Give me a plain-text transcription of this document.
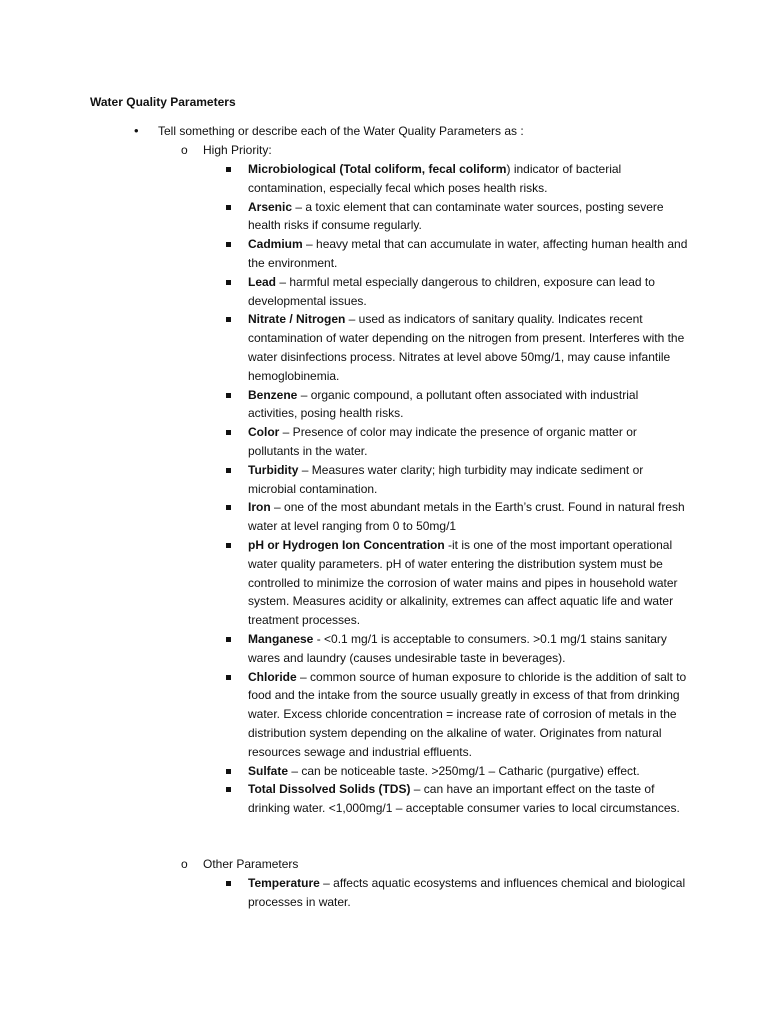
Water Quality Parameters
• Tell something or describe each of the Water Quality Parameters as :
o High Priority:
Microbiological (Total coliform, fecal coliform) indicator of bacterial contamination, especially fecal which poses health risks.
Arsenic – a toxic element that can contaminate water sources, posting severe health risks if consume regularly.
Cadmium – heavy metal that can accumulate in water, affecting human health and the environment.
Lead – harmful metal especially dangerous to children, exposure can lead to developmental issues.
Nitrate / Nitrogen – used as indicators of sanitary quality. Indicates recent contamination of water depending on the nitrogen from present. Interferes with the water disinfections process. Nitrates at level above 50mg/1, may cause infantile hemoglobinemia.
Benzene – organic compound, a pollutant often associated with industrial activities, posing health risks.
Color – Presence of color may indicate the presence of organic matter or pollutants in the water.
Turbidity – Measures water clarity; high turbidity may indicate sediment or microbial contamination.
Iron – one of the most abundant metals in the Earth’s crust. Found in natural fresh water at level ranging from 0 to 50mg/1
pH or Hydrogen Ion Concentration -it is one of the most important operational water quality parameters. pH of water entering the distribution system must be controlled to minimize the corrosion of water mains and pipes in household water system. Measures acidity or alkalinity, extremes can affect aquatic life and water treatment processes.
Manganese - <0.1 mg/1 is acceptable to consumers. >0.1 mg/1 stains sanitary wares and laundry (causes undesirable taste in beverages).
Chloride – common source of human exposure to chloride is the addition of salt to food and the intake from the source usually greatly in excess of that from drinking water. Excess chloride concentration = increase rate of corrosion of metals in the distribution system depending on the alkaline of water. Originates from natural resources sewage and industrial effluents.
Sulfate – can be noticeable taste. >250mg/1 – Catharic (purgative) effect.
Total Dissolved Solids (TDS) – can have an important effect on the taste of drinking water. <1,000mg/1 – acceptable consumer varies to local circumstances.
o Other Parameters
Temperature – affects aquatic ecosystems and influences chemical and biological processes in water.
